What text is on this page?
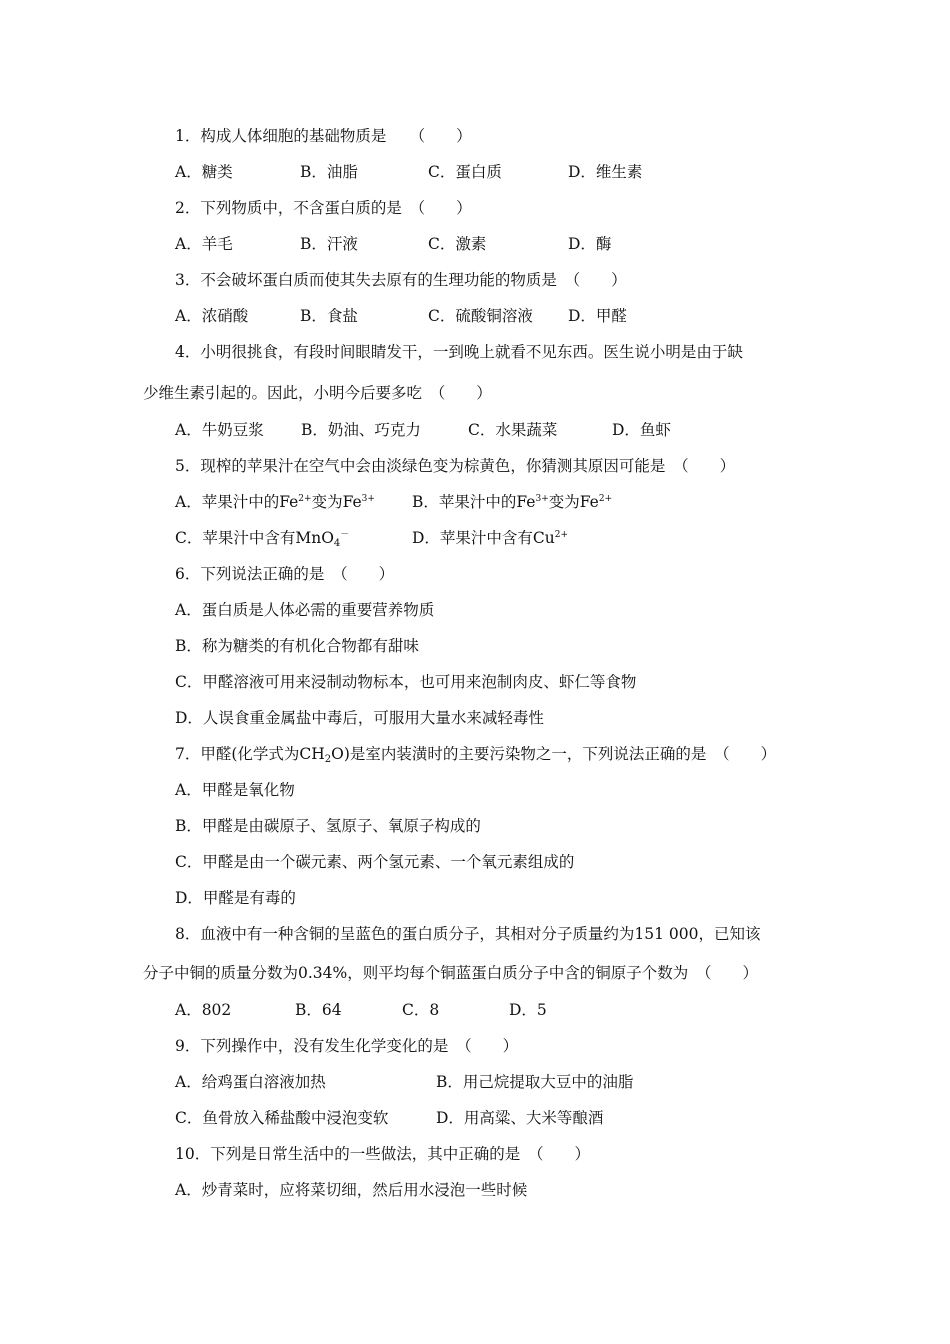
1．构成人体细胞的基础物质是　　（　　）
A．糖类	B．油脂	C．蛋白质	D．维生素
2．下列物质中，不含蛋白质的是　（　　）
A．羊毛	B．汗液	C．激素	D．酶
3．不会破坏蛋白质而使其失去原有的生理功能的物质是　（　　）
A．浓硝酸	B．食盐	C．硫酸铜溶液 D．甲醛
4．小明很挑食，有段时间眼睛发干，一到晚上就看不见东西。医生说小明是由于缺
少维生素引起的。因此，小明今后要多吃　（　　）
A．牛奶豆浆 B．奶油、巧克力	C．水果蔬菜	D．鱼虾
5．现榨的苹果汁在空气中会由淡绿色变为棕黄色，你猜测其原因可能是　（　　）
A．苹果汁中的$Fe^{2+}$变为$Fe^{3+}$ B．苹果汁中的$Fe^{3+}$变为$Fe^{2+}$
C．苹果汁中含有MnO$_4$－	D．苹果汁中含有$Cu^{2+}$
6．下列说法正确的是　（　　）
A．蛋白质是人体必需的重要营养物质
B．称为糖类的有机化合物都有甜味
C．甲醛溶液可用来浸制动物标本，也可用来泡制肉皮、虾仁等食物
D．人误食重金属盐中毒后，可服用大量水来减轻毒性
7．甲醛(化学式为$CH_2O$)是室内装潢时的主要污染物之一，下列说法正确的是　（　　）
A．甲醛是氧化物
B．甲醛是由碳原子、氢原子、氧原子构成的
C．甲醛是由一个碳元素、两个氢元素、一个氧元素组成的
D．甲醛是有毒的
8．血液中有一种含铜的呈蓝色的蛋白质分子，其相对分子质量约为151 000，已知该
分子中铜的质量分数为0.34%，则平均每个铜蓝蛋白质分子中含的铜原子个数为　（　　）
A．802	B．64	C．8	D．5
9．下列操作中，没有发生化学变化的是　（　　）
A．给鸡蛋白溶液加热	B．用己烷提取大豆中的油脂
C．鱼骨放入稀盐酸中浸泡变软	D．用高粱、大米等酿酒
10．下列是日常生活中的一些做法，其中正确的是　（　　）
A．炒青菜时，应将菜切细，然后用水浸泡一些时候
